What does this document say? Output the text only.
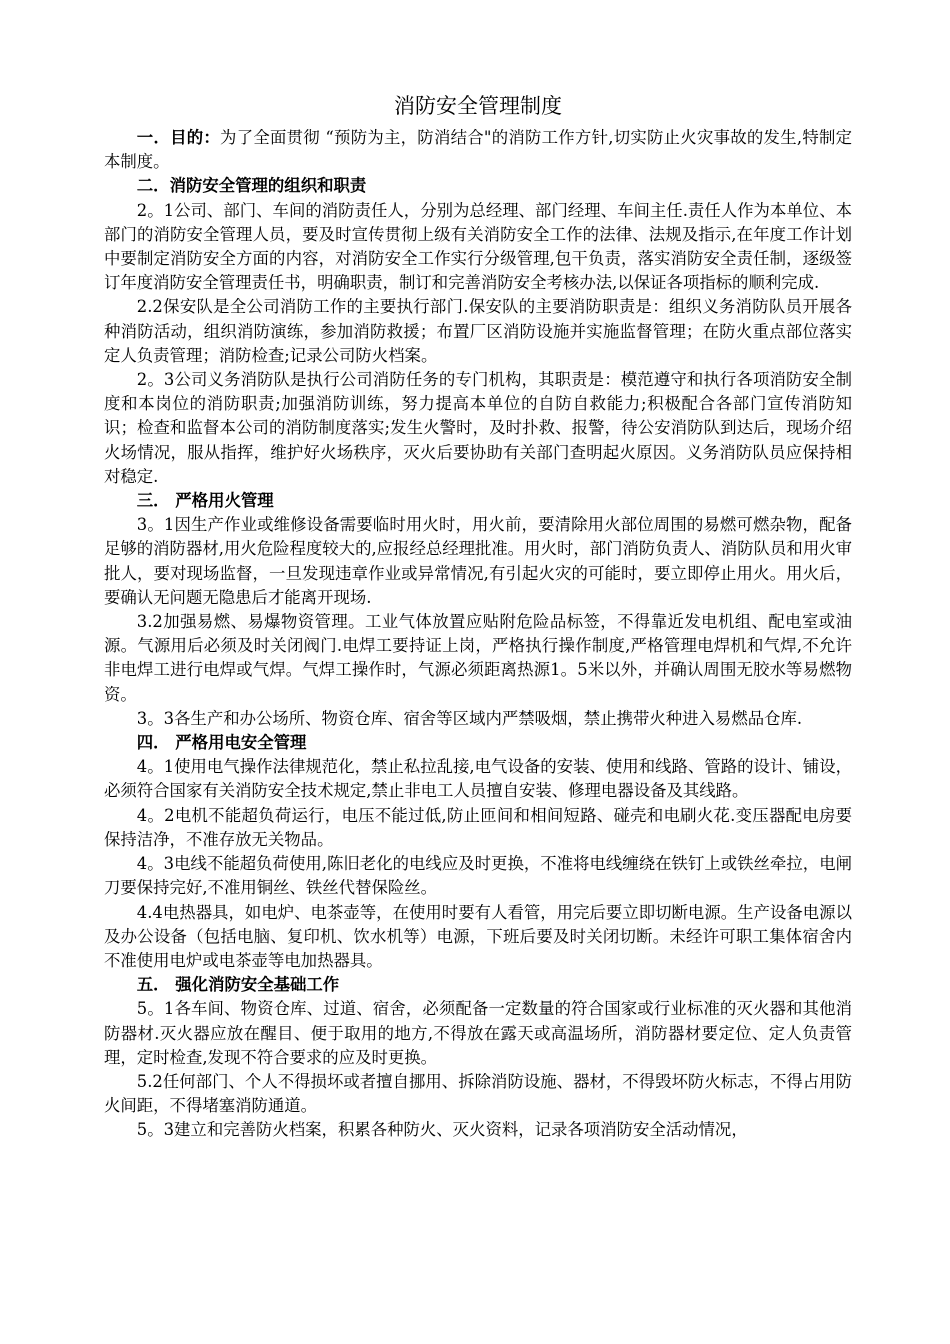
消防安全管理制度

一．目的：为了全面贯彻 “预防为主，防消结合"的消防工作方针,切实防止火灾事故的发生,特制定本制度。

二．消防安全管理的组织和职责

2。1公司、部门、车间的消防责任人，分别为总经理、部门经理、车间主任.责任人作为本单位、本部门的消防安全管理人员，要及时宣传贯彻上级有关消防安全工作的法律、法规及指示,在年度工作计划中要制定消防安全方面的内容，对消防安全工作实行分级管理,包干负责，落实消防安全责任制，逐级签订年度消防安全管理责任书，明确职责，制订和完善消防安全考核办法,以保证各项指标的顺利完成.

2.2保安队是全公司消防工作的主要执行部门.保安队的主要消防职责是：组织义务消防队员开展各种消防活动，组织消防演练，参加消防救援；布置厂区消防设施并实施监督管理；在防火重点部位落实定人负责管理；消防检查;记录公司防火档案。

2。3公司义务消防队是执行公司消防任务的专门机构，其职责是：模范遵守和执行各项消防安全制度和本岗位的消防职责;加强消防训练，努力提高本单位的自防自救能力;积极配合各部门宣传消防知识；检查和监督本公司的消防制度落实;发生火警时，及时扑救、报警，待公安消防队到达后，现场介绍火场情况，服从指挥，维护好火场秩序，灭火后要协助有关部门查明起火原因。义务消防队员应保持相对稳定.

三． 严格用火管理

3。1因生产作业或维修设备需要临时用火时，用火前，要清除用火部位周围的易燃可燃杂物，配备足够的消防器材,用火危险程度较大的,应报经总经理批准。用火时，部门消防负责人、消防队员和用火审批人，要对现场监督，一旦发现违章作业或异常情况,有引起火灾的可能时，要立即停止用火。用火后，要确认无问题无隐患后才能离开现场.

3.2加强易燃、易爆物资管理。工业气体放置应贴附危险品标签，不得靠近发电机组、配电室或油源。气源用后必须及时关闭阀门.电焊工要持证上岗，严格执行操作制度,严格管理电焊机和气焊,不允许非电焊工进行电焊或气焊。气焊工操作时，气源必须距离热源1。5米以外，并确认周围无胶水等易燃物资。

3。3各生产和办公场所、物资仓库、宿舍等区域内严禁吸烟，禁止携带火种进入易燃品仓库.

四． 严格用电安全管理

4。1使用电气操作法律规范化，禁止私拉乱接,电气设备的安装、使用和线路、管路的设计、铺设，必须符合国家有关消防安全技术规定,禁止非电工人员擅自安装、修理电器设备及其线路。

4。2电机不能超负荷运行，电压不能过低,防止匝间和相间短路、碰壳和电刷火花.变压器配电房要保持洁净，不准存放无关物品。

4。3电线不能超负荷使用,陈旧老化的电线应及时更换，不准将电线缠绕在铁钉上或铁丝牵拉，电闸刀要保持完好,不准用铜丝、铁丝代替保险丝。

4.4电热器具，如电炉、电茶壶等，在使用时要有人看管，用完后要立即切断电源。生产设备电源以及办公设备（包括电脑、复印机、饮水机等）电源，下班后要及时关闭切断。未经许可职工集体宿舍内不准使用电炉或电茶壶等电加热器具。

五． 强化消防安全基础工作

5。1各车间、物资仓库、过道、宿舍，必须配备一定数量的符合国家或行业标准的灭火器和其他消防器材.灭火器应放在醒目、便于取用的地方,不得放在露天或高温场所，消防器材要定位、定人负责管理，定时检查,发现不符合要求的应及时更换。

5.2任何部门、个人不得损坏或者擅自挪用、拆除消防设施、器材，不得毁坏防火标志，不得占用防火间距，不得堵塞消防通道。

5。3建立和完善防火档案，积累各种防火、灭火资料，记录各项消防安全活动情况，
